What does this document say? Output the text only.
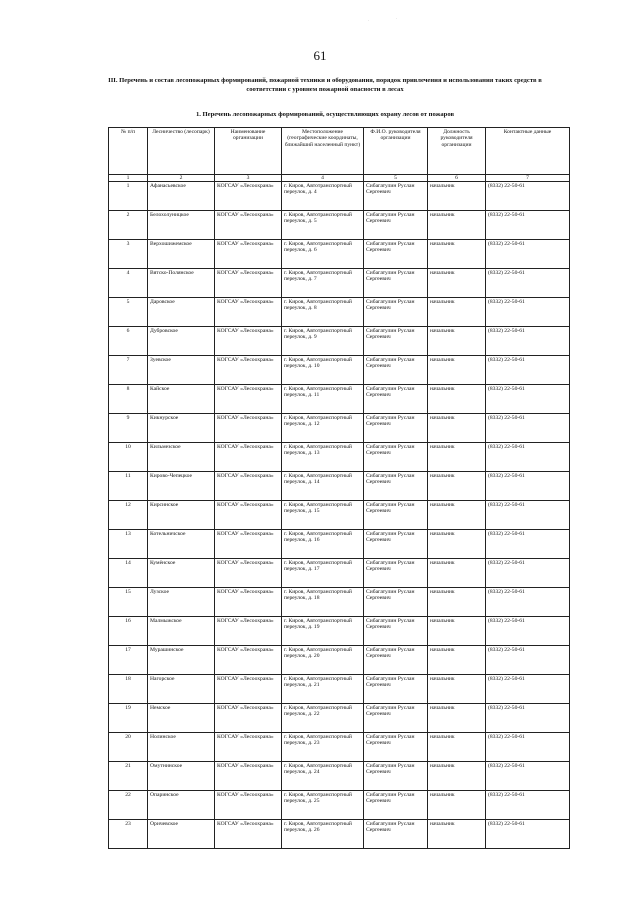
·	·
61
III. Перечень и состав лесопожарных формирований, пожарной техники и оборудования, порядок привлечения и использования таких средств в соответствии с уровнем пожарной опасности в лесах
1. Перечень лесопожарных формирований, осуществляющих охрану лесов от пожаров
№ п/п	Лесничество (лесопарк)	Наименование организации	Местоположение (географические координаты, ближайший населенный пункт)	Ф.И.О. руководителя организации	Должность руководителя организации	Контактные данные
1	2	3	4	5	6	7
1	Афанасьевское	КОГСАУ «Лесоохрана»	г. Киров, Автотранспортный переулок, д. 4	Сибагатулин Руслан Сергеевич	начальник	(8332) 22-50-61
2	Белохолуницкое	КОГСАУ «Лесоохрана»	г. Киров, Автотранспортный переулок, д. 5	Сибагатулин Руслан Сергеевич	начальник	(8332) 22-50-61
3	Верхошижемское	КОГСАУ «Лесоохрана»	г. Киров, Автотранспортный переулок, д. 6	Сибагатулин Руслан Сергеевич	начальник	(8332) 22-50-61
4	Вятско-Полянское	КОГСАУ «Лесоохрана»	г. Киров, Автотранспортный переулок, д. 7	Сибагатулин Руслан Сергеевич	начальник	(8332) 22-50-61
5	Даровское	КОГСАУ «Лесоохрана»	г. Киров, Автотранспортный переулок, д. 8	Сибагатулин Руслан Сергеевич	начальник	(8332) 22-50-61
6	Дубровское	КОГСАУ «Лесоохрана»	г. Киров, Автотранспортный переулок, д. 9	Сибагатулин Руслан Сергеевич	начальник	(8332) 22-50-61
7	Зуевское	КОГСАУ «Лесоохрана»	г. Киров, Автотранспортный переулок, д. 10	Сибагатулин Руслан Сергеевич	начальник	(8332) 22-50-61
8	Кайское	КОГСАУ «Лесоохрана»	г. Киров, Автотранспортный переулок, д. 11	Сибагатулин Руслан Сергеевич	начальник	(8332) 22-50-61
9	Кикнурское	КОГСАУ «Лесоохрана»	г. Киров, Автотранспортный переулок, д. 12	Сибагатулин Руслан Сергеевич	начальник	(8332) 22-50-61
10	Кильмезское	КОГСАУ «Лесоохрана»	г. Киров, Автотранспортный переулок, д. 13	Сибагатулин Руслан Сергеевич	начальник	(8332) 22-50-61
11	Кирово-Чепецкое	КОГСАУ «Лесоохрана»	г. Киров, Автотранспортный переулок, д. 14	Сибагатулин Руслан Сергеевич	начальник	(8332) 22-50-61
12	Кирсинское	КОГСАУ «Лесоохрана»	г. Киров, Автотранспортный переулок, д. 15	Сибагатулин Руслан Сергеевич	начальник	(8332) 22-50-61
13	Котельничское	КОГСАУ «Лесоохрана»	г. Киров, Автотранспортный переулок, д. 16	Сибагатулин Руслан Сергеевич	начальник	(8332) 22-50-61
14	Кумёнское	КОГСАУ «Лесоохрана»	г. Киров, Автотранспортный переулок, д. 17	Сибагатулин Руслан Сергеевич	начальник	(8332) 22-50-61
15	Лузское	КОГСАУ «Лесоохрана»	г. Киров, Автотранспортный переулок, д. 18	Сибагатулин Руслан Сергеевич	начальник	(8332) 22-50-61
16	Малмыжское	КОГСАУ «Лесоохрана»	г. Киров, Автотранспортный переулок, д. 19	Сибагатулин Руслан Сергеевич	начальник	(8332) 22-50-61
17	Мурашинское	КОГСАУ «Лесоохрана»	г. Киров, Автотранспортный переулок, д. 20	Сибагатулин Руслан Сергеевич	начальник	(8332) 22-50-61
18	Нагорское	КОГСАУ «Лесоохрана»	г. Киров, Автотранспортный переулок, д. 21	Сибагатулин Руслан Сергеевич	начальник	(8332) 22-50-61
19	Немское	КОГСАУ «Лесоохрана»	г. Киров, Автотранспортный переулок, д. 22	Сибагатулин Руслан Сергеевич	начальник	(8332) 22-50-61
20	Нолинское	КОГСАУ «Лесоохрана»	г. Киров, Автотранспортный переулок, д. 23	Сибагатулин Руслан Сергеевич	начальник	(8332) 22-50-61
21	Омутнинское	КОГСАУ «Лесоохрана»	г. Киров, Автотранспортный переулок, д. 24	Сибагатулин Руслан Сергеевич	начальник	(8332) 22-50-61
22	Опаринское	КОГСАУ «Лесоохрана»	г. Киров, Автотранспортный переулок, д. 25	Сибагатулин Руслан Сергеевич	начальник	(8332) 22-50-61
23	Оричевское	КОГСАУ «Лесоохрана»	г. Киров, Автотранспортный переулок, д. 26	Сибагатулин Руслан Сергеевич	начальник	(8332) 22-50-61
